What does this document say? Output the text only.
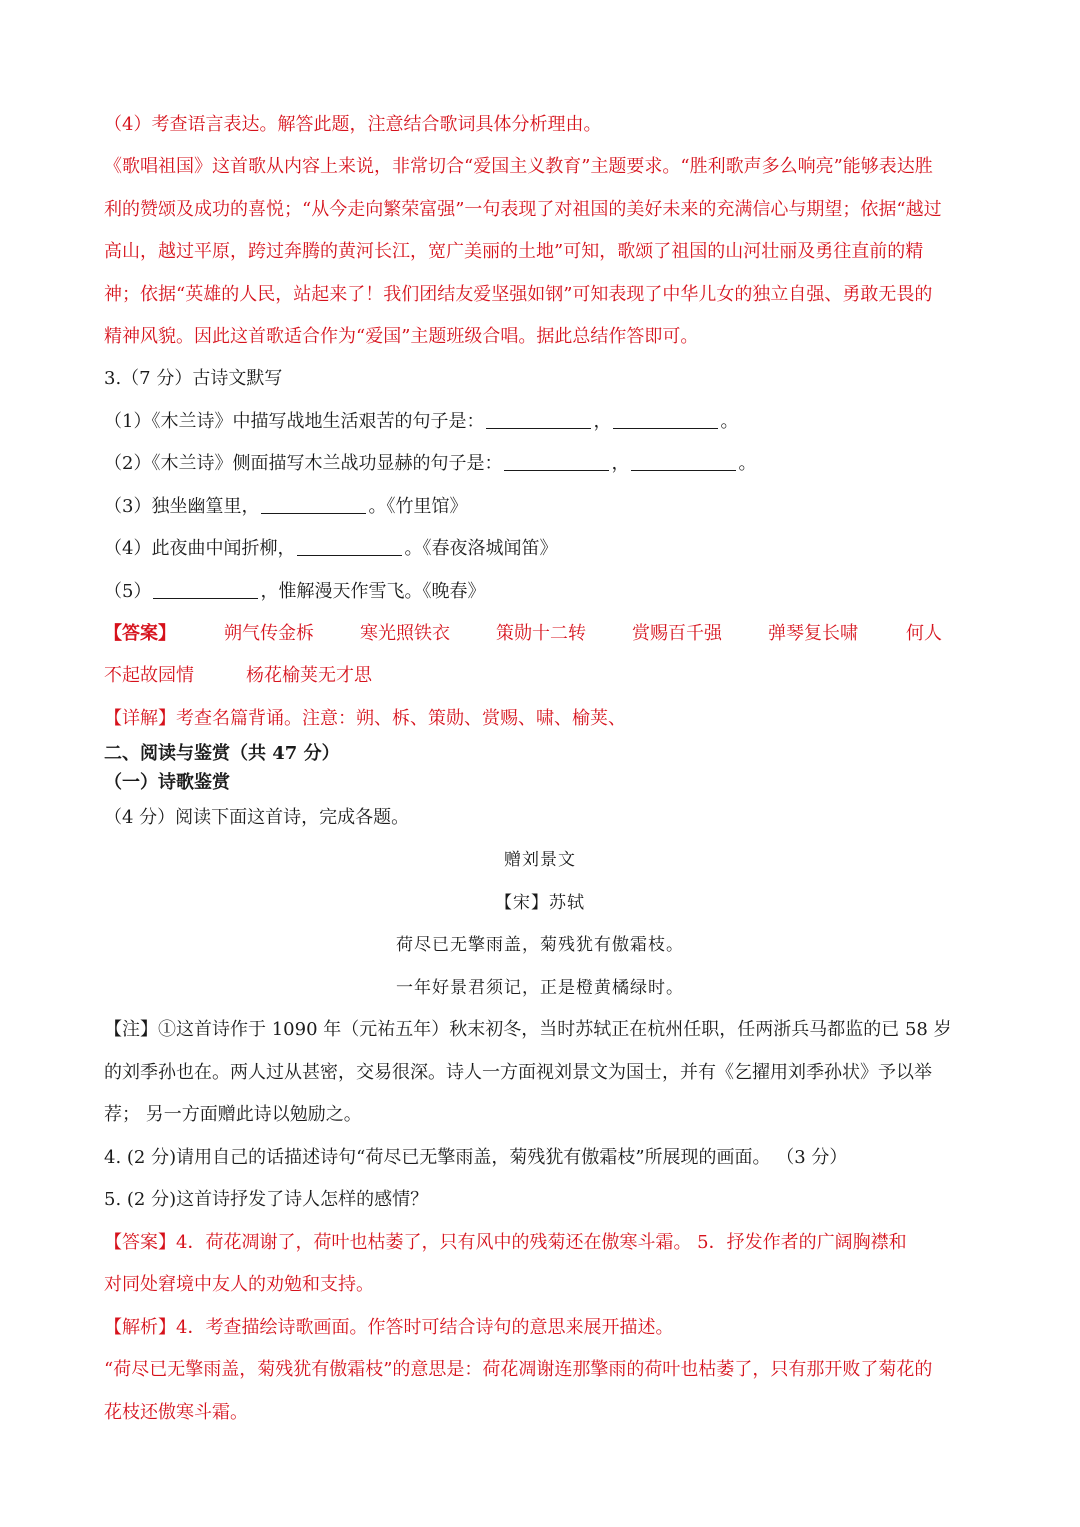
（4）考查语言表达。解答此题，注意结合歌词具体分析理由。
《歌唱祖国》这首歌从内容上来说，非常切合“爱国主义教育”主题要求。“胜利歌声多么响亮”能够表达胜
利的赞颂及成功的喜悦；“从今走向繁荣富强”一句表现了对祖国的美好未来的充满信心与期望；依据“越过
高山，越过平原，跨过奔腾的黄河长江，宽广美丽的土地”可知，歌颂了祖国的山河壮丽及勇往直前的精
神；依据“英雄的人民，站起来了！我们团结友爱坚强如钢”可知表现了中华儿女的独立自强、勇敢无畏的
精神风貌。因此这首歌适合作为“爱国”主题班级合唱。据此总结作答即可。
3.（7 分）古诗文默写
（1）《木兰诗》中描写战地生活艰苦的句子是：	，	。
（2）《木兰诗》侧面描写木兰战功显赫的句子是：	，	。
（3）独坐幽篁里，	。《竹里馆》
（4）此夜曲中闻折柳，	。《春夜洛城闻笛》
（5）	，惟解漫天作雪飞。《晚春》
【答案】	朔气传金柝	寒光照铁衣	策勋十二转	赏赐百千强	弹琴复长啸	何人
不起故园情	杨花榆荚无才思
【详解】考查名篇背诵。注意：朔、柝、策勋、赏赐、啸、榆荚、
二、阅读与鉴赏（共 47 分）
（一）诗歌鉴赏
（4 分）阅读下面这首诗，完成各题。
赠刘景文
【宋】苏轼
荷尽已无擎雨盖，菊残犹有傲霜枝。
一年好景君须记，正是橙黄橘绿时。
【注】①这首诗作于 1090 年（元祐五年）秋末初冬，当时苏轼正在杭州任职，任两浙兵马都监的已 58 岁
的刘季孙也在。两人过从甚密，交易很深。诗人一方面视刘景文为国士，并有《乞擢用刘季孙状》予以举
荐； 另一方面赠此诗以勉励之。
4. (2 分)请用自己的话描述诗句“荷尽已无擎雨盖，菊残犹有傲霜枝”所展现的画面。 （3 分）
5. (2 分)这首诗抒发了诗人怎样的感情？
【答案】4．荷花凋谢了，荷叶也枯萎了，只有风中的残菊还在傲寒斗霜。 5．抒发作者的广阔胸襟和
对同处窘境中友人的劝勉和支持。
【解析】4．考查描绘诗歌画面。作答时可结合诗句的意思来展开描述。
“荷尽已无擎雨盖，菊残犹有傲霜枝”的意思是：荷花凋谢连那擎雨的荷叶也枯萎了，只有那开败了菊花的
花枝还傲寒斗霜。
